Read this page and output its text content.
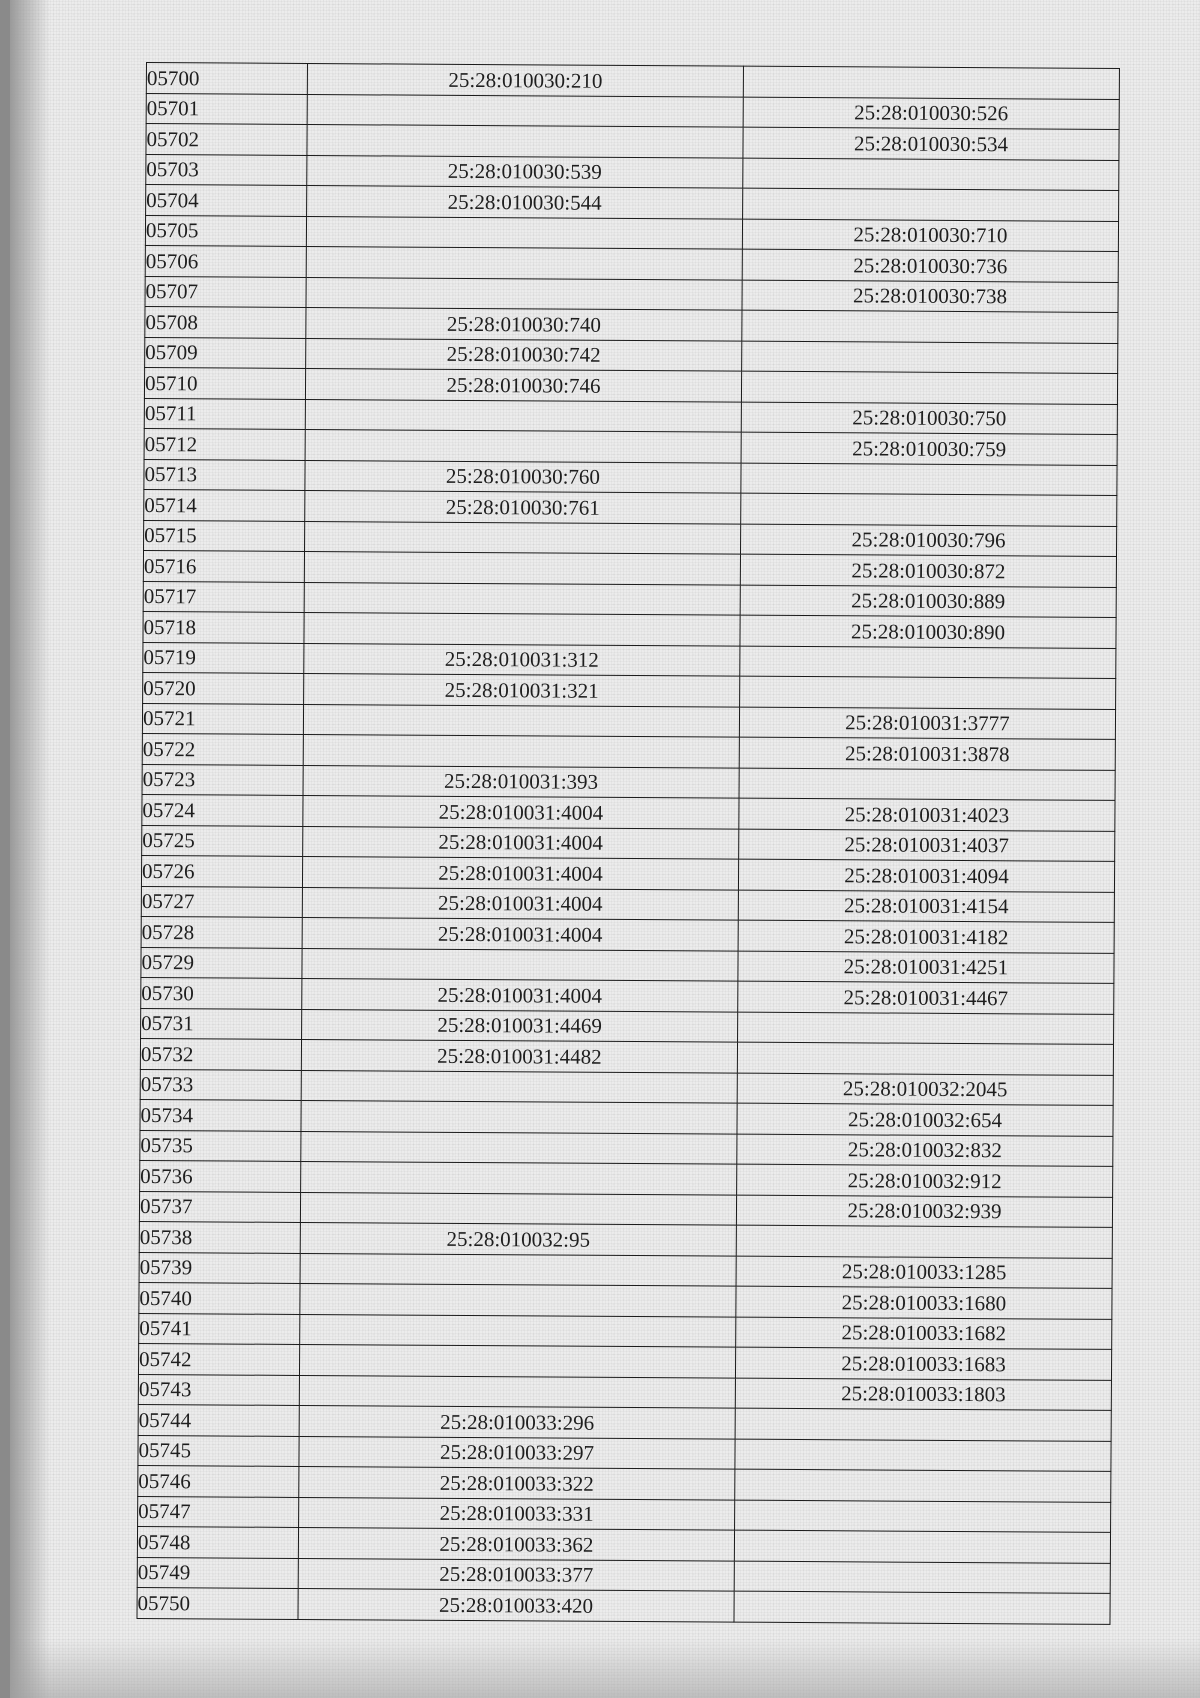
05700	25:28:010030:210	
05701		25:28:010030:526
05702		25:28:010030:534
05703	25:28:010030:539	
05704	25:28:010030:544	
05705		25:28:010030:710
05706		25:28:010030:736
05707		25:28:010030:738
05708	25:28:010030:740	
05709	25:28:010030:742	
05710	25:28:010030:746	
05711		25:28:010030:750
05712		25:28:010030:759
05713	25:28:010030:760	
05714	25:28:010030:761	
05715		25:28:010030:796
05716		25:28:010030:872
05717		25:28:010030:889
05718		25:28:010030:890
05719	25:28:010031:312	
05720	25:28:010031:321	
05721		25:28:010031:3777
05722		25:28:010031:3878
05723	25:28:010031:393	
05724	25:28:010031:4004	25:28:010031:4023
05725	25:28:010031:4004	25:28:010031:4037
05726	25:28:010031:4004	25:28:010031:4094
05727	25:28:010031:4004	25:28:010031:4154
05728	25:28:010031:4004	25:28:010031:4182
05729		25:28:010031:4251
05730	25:28:010031:4004	25:28:010031:4467
05731	25:28:010031:4469	
05732	25:28:010031:4482	
05733		25:28:010032:2045
05734		25:28:010032:654
05735		25:28:010032:832
05736		25:28:010032:912
05737		25:28:010032:939
05738	25:28:010032:95	
05739		25:28:010033:1285
05740		25:28:010033:1680
05741		25:28:010033:1682
05742		25:28:010033:1683
05743		25:28:010033:1803
05744	25:28:010033:296	
05745	25:28:010033:297	
05746	25:28:010033:322	
05747	25:28:010033:331	
05748	25:28:010033:362	
05749	25:28:010033:377	
05750	25:28:010033:420	
